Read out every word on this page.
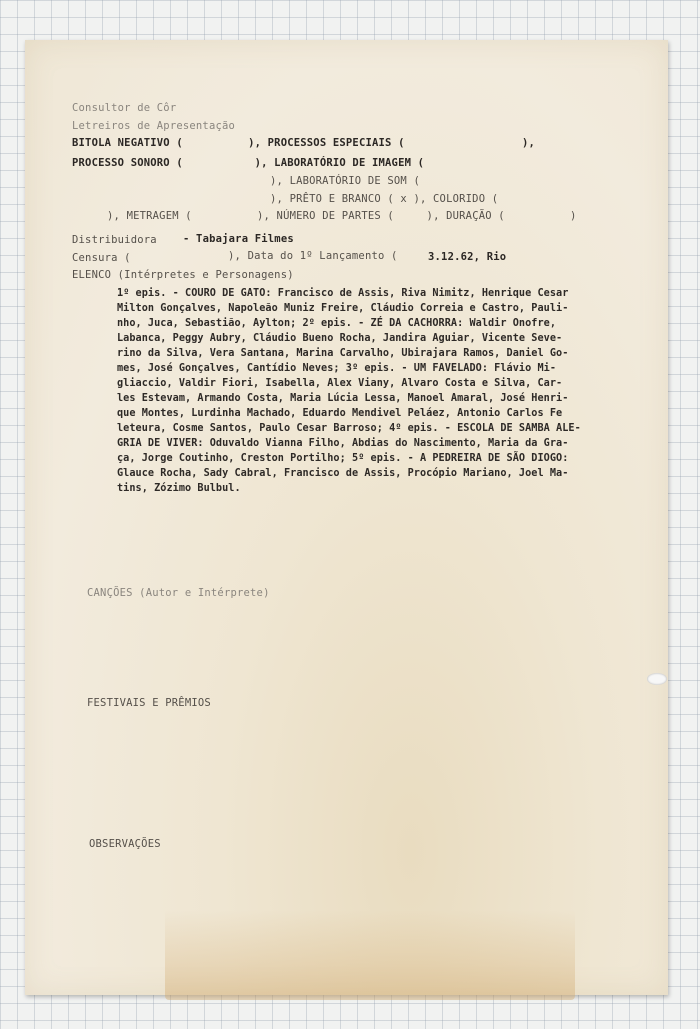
Consultor de Côr
Letreiros de Apresentação
BITOLA NEGATIVO (          ), PROCESSOS ESPECIAIS (                  ),
PROCESSO SONORO (           ), LABORATÓRIO DE IMAGEM (
), LABORATÓRIO DE SOM (
), PRÊTO E BRANCO ( x ), COLORIDO (
), METRAGEM (          ), NÚMERO DE PARTES (     ), DURAÇÃO (          )
Distribuidora - Tabajara Filmes
Censura (	), Data do 1º Lançamento (	3.12.62, Rio
ELENCO (Intérpretes e Personagens)
1º epis. - COURO DE GATO: Francisco de Assis, Riva Nimitz, Henrique Cesar
Milton Gonçalves, Napoleão Muniz Freire, Cláudio Correia e Castro, Pauli-
nho, Juca, Sebastião, Aylton; 2º epis. - ZÉ DA CACHORRA: Waldir Onofre,
Labanca, Peggy Aubry, Cláudio Bueno Rocha, Jandira Aguiar, Vicente Seve-
rino da Silva, Vera Santana, Marina Carvalho, Ubirajara Ramos, Daniel Go-
mes, José Gonçalves, Cantídio Neves; 3º epis. - UM FAVELADO: Flávio Mi-
gliaccio, Valdir Fiori, Isabella, Alex Viany, Alvaro Costa e Silva, Car-
les Estevam, Armando Costa, Maria Lúcia Lessa, Manoel Amaral, José Henri-
que Montes, Lurdinha Machado, Eduardo Mendivel Peláez, Antonio Carlos Fe
leteura, Cosme Santos, Paulo Cesar Barroso; 4º epis. - ESCOLA DE SAMBA ALE-
GRIA DE VIVER: Oduvaldo Vianna Filho, Abdias do Nascimento, Maria da Gra-
ça, Jorge Coutinho, Creston Portilho; 5º epis. - A PEDREIRA DE SÃO DIOGO:
Glauce Rocha, Sady Cabral, Francisco de Assis, Procópio Mariano, Joel Ma-
tins, Zózimo Bulbul.
CANÇÕES (Autor e Intérprete)
FESTIVAIS E PRÊMIOS
OBSERVAÇÕES
